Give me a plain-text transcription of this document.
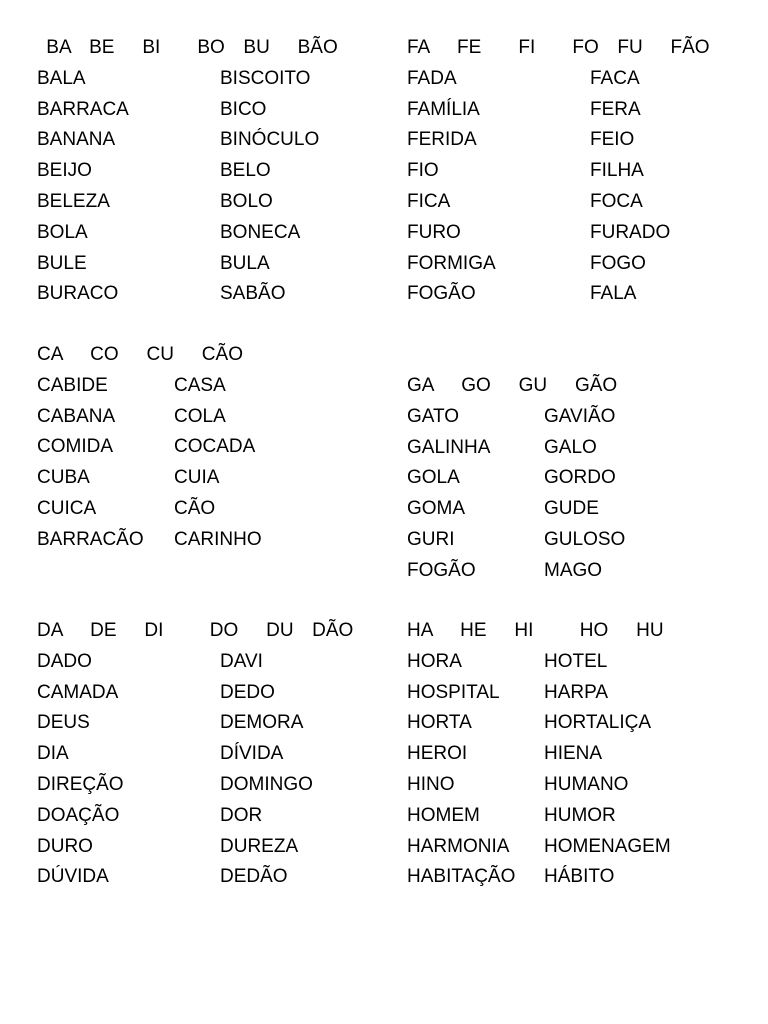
BA  BE   BI    BO  BU   BÃO

BALA	BISCOITO
BARRACA	BICO
BANANA	BINÓCULO
BEIJO	BELO
BELEZA	BOLO
BOLA	BONECA
BULE	BULA
BURACO	SABÃO

FA   FE    FI    FO  FU   FÃO

FADA	FACA
FAMÍLIA	FERA
FERIDA	FEIO
FIO	FILHA
FICA	FOCA
FURO	FURADO
FORMIGA	FOGO
FOGÃO	FALA

CA   CO   CU   CÃO

CABIDE	CASA
CABANA	COLA
COMIDA	COCADA
CUBA	CUIA
CUICA	CÃO
BARRACÃO CARINHO

GA   GO   GU   GÃO

GATO	GAVIÃO
GALINHA	GALO
GOLA	GORDO
GOMA	GUDE
GURI	GULOSO
FOGÃO	MAGO

DA   DE   DI     DO   DU  DÃO

DADO	DAVI
CAMADA	DEDO
DEUS	DEMORA
DIA	DÍVIDA
DIREÇÃO	DOMINGO
DOAÇÃO	DOR
DURO	DUREZA
DÚVIDA	DEDÃO

HA   HE   HI     HO   HU

HORA	HOTEL
HOSPITAL HARPA
HORTA	HORTALIÇA
HEROI	HIENA
HINO	HUMANO
HOMEM	HUMOR
HARMONIA HOMENAGEM
HABITAÇÃO HÁBITO
